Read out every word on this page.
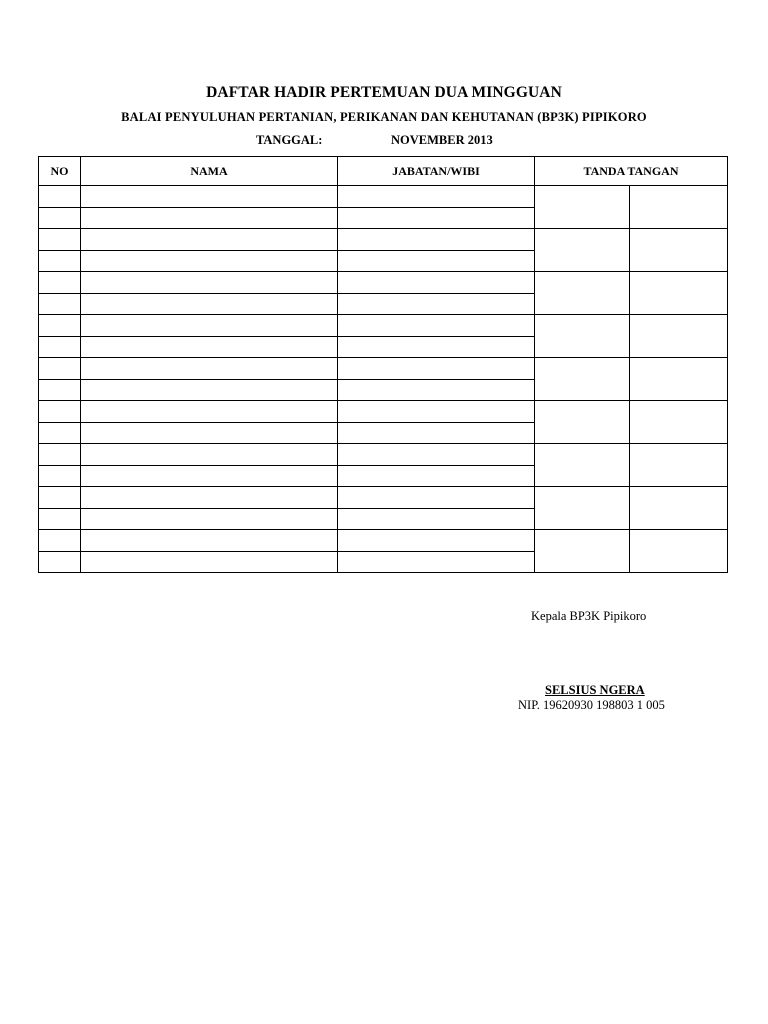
DAFTAR HADIR PERTEMUAN DUA MINGGUAN
BALAI PENYULUHAN PERTANIAN, PERIKANAN DAN KEHUTANAN (BP3K) PIPIKORO
TANGGAL:	NOVEMBER 2013
NO	NAMA	JABATAN/WIBI	TANDA TANGAN	

Kepala BP3K Pipikoro
SELSIUS NGERA
NIP. 19620930 198803 1 005
